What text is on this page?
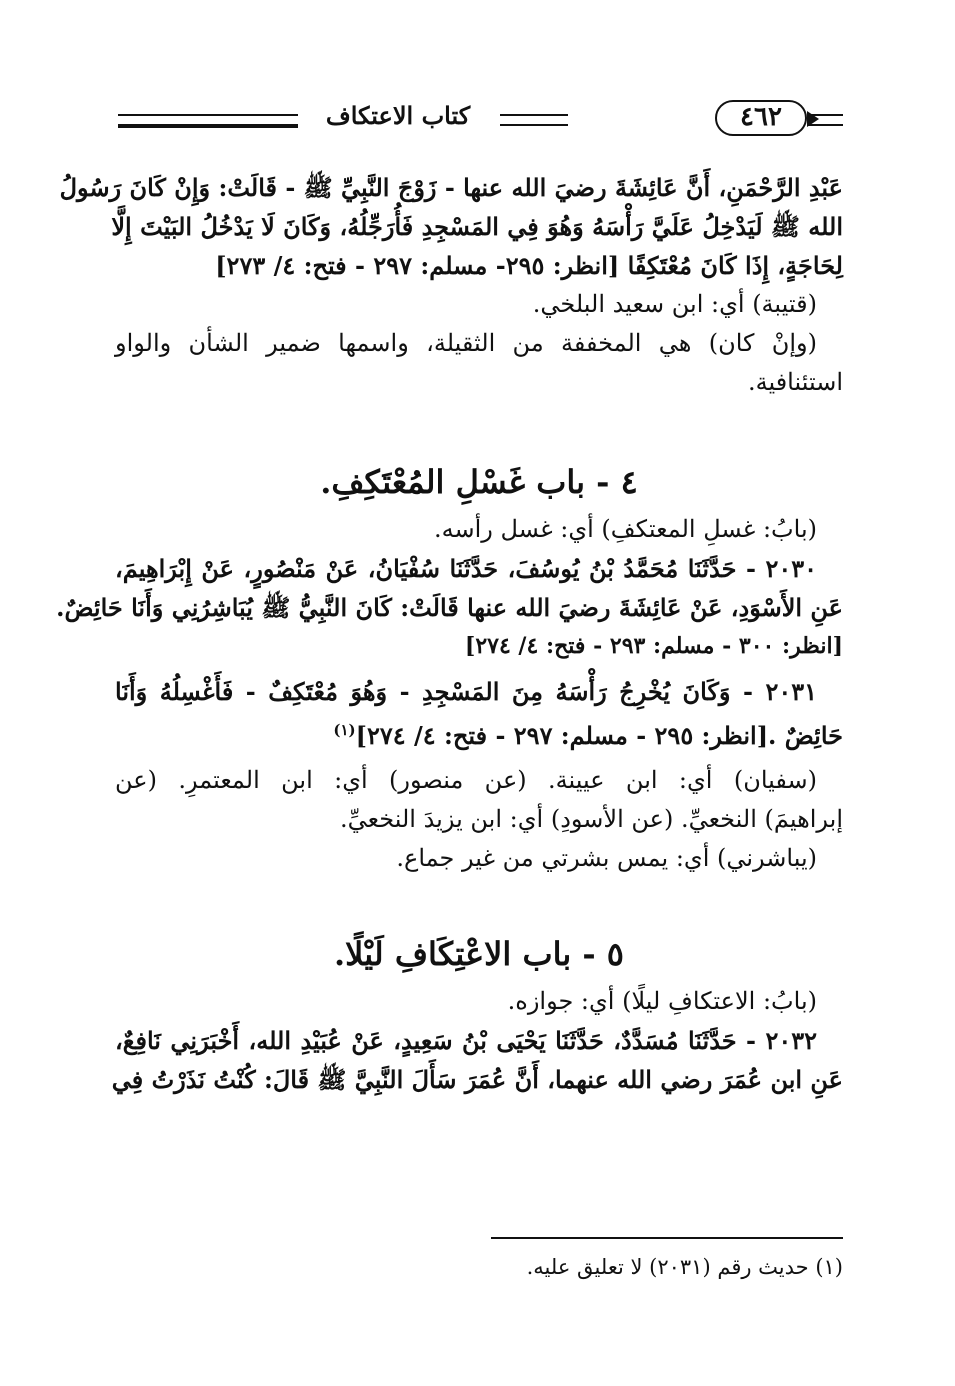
٤٦٢
كتاب الاعتكاف
عَبْدِ الرَّحْمَنِ، أَنَّ عَائِشَةَ رضيَ الله عنها - زَوْجَ النَّبِيِّ ﷺ - قَالَتْ: وَإِنْ كَانَ رَسُولُ
الله ﷺ لَيَدْخِلُ عَلَيَّ رَأْسَهُ وَهُوَ فِي المَسْجِدِ فَأُرَجِّلُهُ، وَكَانَ لَا يَدْخُلُ البَيْتَ إِلَّا
لِحَاجَةٍ، إِذَا كَانَ مُعْتَكِفًا [انظر: ٢٩٥- مسلم: ٢٩٧ - فتح: ٤/ ٢٧٣]
(قتيبة) أي: ابن سعيد البلخي.
(وإنْ كان) هي المخففة من الثقيلة، واسمها ضمير الشأن والواو
استئنافية.
٤ - باب غَسْلِ المُعْتَكِفِ.
(بابُ: غسلِ المعتكفِ) أي: غسل رأسه.
٢٠٣٠ - حَدَّثَنَا مُحَمَّدُ بْنُ يُوسُفَ، حَدَّثَنَا سُفْيَانُ، عَنْ مَنْصُورٍ، عَنْ إِبْرَاهِيمَ،
عَنِ الأَسْوَدِ، عَنْ عَائِشَةَ رضيَ الله عنها قَالَتْ: كَانَ النَّبِيُّ ﷺ يُبَاشِرُنِي وَأَنَا حَائِضٌ.
[انظر: ٣٠٠ - مسلم: ٢٩٣ - فتح: ٤/ ٢٧٤]
٢٠٣١ - وَكَانَ يُخْرِجُ رَأْسَهُ مِنَ المَسْجِدِ - وَهُوَ مُعْتَكِفٌ - فَأَغْسِلُهُ وَأَنَا
حَائِضٌ .[انظر: ٢٩٥ - مسلم: ٢٩٧ - فتح: ٤/ ٢٧٤]$^{(١)}$
(سفيان) أي: ابن عيينة. (عن منصور) أي: ابن المعتمرِ. (عن
إبراهيمَ) النخعيِّ. (عن الأسودِ) أي: ابن يزيدَ النخعيِّ.
(يباشرني) أي: يمس بشرتي من غير جماع.
٥ - باب الاعْتِكَافِ لَيْلًا.
(بابُ: الاعتكافِ ليلًا) أي: جوازه.
٢٠٣٢ - حَدَّثَنَا مُسَدَّدٌ، حَدَّثَنَا يَحْيَى بْنُ سَعِيدٍ، عَنْ عُبَيْدِ الله، أَخْبَرَنِي نَافِعٌ،
عَنِ ابن عُمَرَ رضي الله عنهما، أَنَّ عُمَرَ سَأَلَ النَّبِيَّ ﷺ قَالَ: كُنْتُ نَذَرْتُ فِي
(١) حديث رقم (٢٠٣١) لا تعليق عليه.
